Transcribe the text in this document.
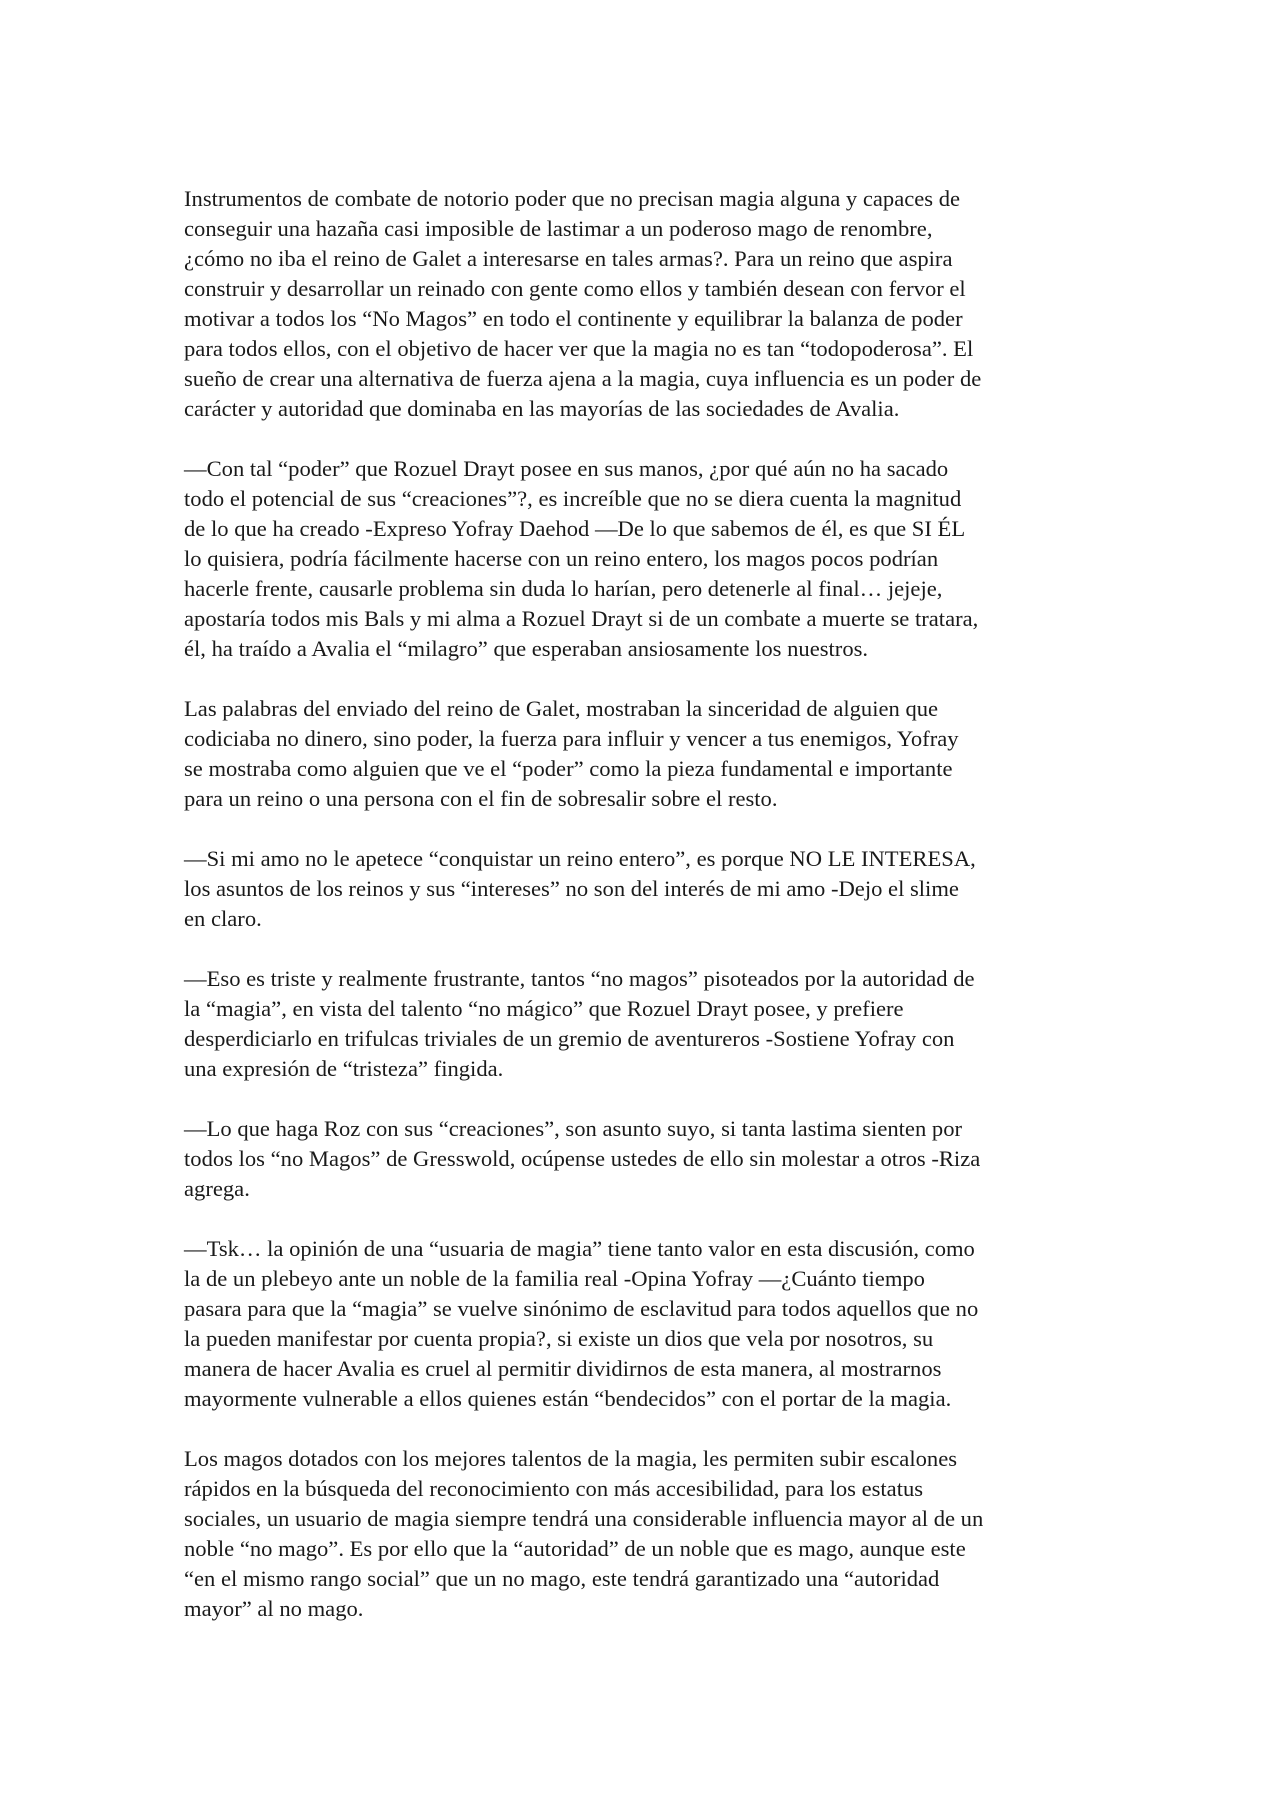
Instrumentos de combate de notorio poder que no precisan magia alguna y capaces de
conseguir una hazaña casi imposible de lastimar a un poderoso mago de renombre,
¿cómo no iba el reino de Galet a interesarse en tales armas?. Para un reino que aspira
construir y desarrollar un reinado con gente como ellos y también desean con fervor el
motivar a todos los “No Magos” en todo el continente y equilibrar la balanza de poder
para todos ellos, con el objetivo de hacer ver que la magia no es tan “todopoderosa”. El
sueño de crear una alternativa de fuerza ajena a la magia, cuya influencia es un poder de
carácter y autoridad que dominaba en las mayorías de las sociedades de Avalia.

—Con tal “poder” que Rozuel Drayt posee en sus manos, ¿por qué aún no ha sacado
todo el potencial de sus “creaciones”?, es increíble que no se diera cuenta la magnitud
de lo que ha creado -Expreso Yofray Daehod —De lo que sabemos de él, es que SI ÉL
lo quisiera, podría fácilmente hacerse con un reino entero, los magos pocos podrían
hacerle frente, causarle problema sin duda lo harían, pero detenerle al final… jejeje,
apostaría todos mis Bals y mi alma a Rozuel Drayt si de un combate a muerte se tratara,
él, ha traído a Avalia el “milagro” que esperaban ansiosamente los nuestros.

Las palabras del enviado del reino de Galet, mostraban la sinceridad de alguien que
codiciaba no dinero, sino poder, la fuerza para influir y vencer a tus enemigos, Yofray
se mostraba como alguien que ve el “poder” como la pieza fundamental e importante
para un reino o una persona con el fin de sobresalir sobre el resto.

—Si mi amo no le apetece “conquistar un reino entero”, es porque NO LE INTERESA,
los asuntos de los reinos y sus “intereses” no son del interés de mi amo -Dejo el slime
en claro.

—Eso es triste y realmente frustrante, tantos “no magos” pisoteados por la autoridad de
la “magia”, en vista del talento “no mágico” que Rozuel Drayt posee, y prefiere
desperdiciarlo en trifulcas triviales de un gremio de aventureros -Sostiene Yofray con
una expresión de “tristeza” fingida.

—Lo que haga Roz con sus “creaciones”, son asunto suyo, si tanta lastima sienten por
todos los “no Magos” de Gresswold, ocúpense ustedes de ello sin molestar a otros -Riza
agrega.

—Tsk… la opinión de una “usuaria de magia” tiene tanto valor en esta discusión, como
la de un plebeyo ante un noble de la familia real -Opina Yofray —¿Cuánto tiempo
pasara para que la “magia” se vuelve sinónimo de esclavitud para todos aquellos que no
la pueden manifestar por cuenta propia?, si existe un dios que vela por nosotros, su
manera de hacer Avalia es cruel al permitir dividirnos de esta manera, al mostrarnos
mayormente vulnerable a ellos quienes están “bendecidos” con el portar de la magia.

Los magos dotados con los mejores talentos de la magia, les permiten subir escalones
rápidos en la búsqueda del reconocimiento con más accesibilidad, para los estatus
sociales, un usuario de magia siempre tendrá una considerable influencia mayor al de un
noble “no mago”. Es por ello que la “autoridad” de un noble que es mago, aunque este
“en el mismo rango social” que un no mago, este tendrá garantizado una “autoridad
mayor” al no mago.
